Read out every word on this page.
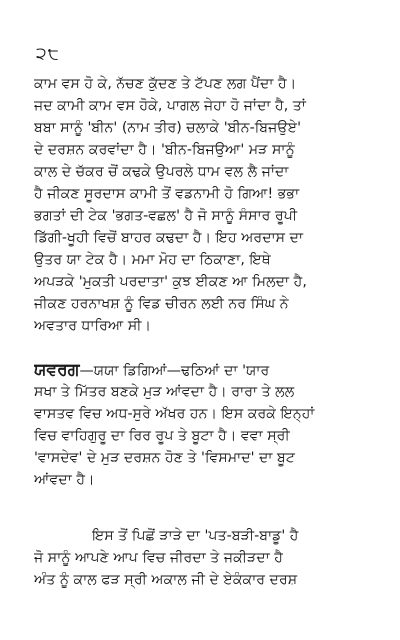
੨੮
ਕਾਮ ਵਸ ਹੋ ਕੇ, ਨੱਚਣ ਕੁੱਦਣ ਤੇ ਟੱਪਣ ਲਗ ਪੈਂਦਾ ਹੈ।
ਜਦ ਕਾਮੀ ਕਾਮ ਵਸ ਹੋਕੇ, ਪਾਗਲ ਜੇਹਾ ਹੋ ਜਾਂਦਾ ਹੈ, ਤਾਂ
ਬਬਾ ਸਾਨੂੰ 'ਬੀਨ' (ਨਾਮ ਤੀਰ) ਚਲਾਕੇ 'ਬੀਨ-ਬਿਜਉਏ'
ਦੇ ਦਰਸ਼ਨ ਕਰਵਾਂਦਾ ਹੈ। 'ਬੀਨ-ਬਿਜਉਆ' ਮੜ ਸਾਨੂੰ
ਕਾਲ ਦੇ ਚੱਕਰ ਚੋਂ ਕਢਕੇ ਉਪਰਲੇ ਧਾਮ ਵਲ ਲੈ ਜਾਂਦਾ
ਹੈ ਜੀਕਣ ਸੂਰਦਾਸ ਕਾਮੀ ਤੋਂ ਵਡਨਾਮੀ ਹੋ ਗਿਆ! ਭਭਾ
ਭਗਤਾਂ ਦੀ ਟੇਕ 'ਭਗਤ-ਵਛਲ' ਹੈ ਜੋ ਸਾਨੂੰ ਸੰਸਾਰ ਰੂਪੀ
ਡਿੱਗੀ-ਖੂਹੀ ਵਿਚੋਂ ਬਾਹਰ ਕਢਦਾ ਹੈ। ਇਹ ਅਰਦਾਸ ਦਾ
ਉਤਰ ਯਾ ਟੇਕ ਹੈ। ਮਮਾ ਮੋਹ ਦਾ ਠਿਕਾਣਾ, ਇਥੇ
ਅਪੜਕੇ 'ਮੁਕਤੀ ਪਰਦਾਤਾ' ਕੁਝ ਈਕਣ ਆ ਮਿਲਦਾ ਹੈ,
ਜੀਕਣ ਹਰਨਾਖਸ਼ ਨੂੰ ਵਿਡ ਚੀਰਨ ਲਈ ਨਰ ਸਿੰਘ ਨੇ
ਅਵਤਾਰ ਧਾਰਿਆ ਸੀ।
ਯਵਰਗ—ਯਯਾ ਡਿਗਿਆਂ—ਢਠਿਆਂ ਦਾ 'ਯਾਰ
ਸਖਾ ਤੇ ਮਿੱਤਰ ਬਣਕੇ ਮੁੜ ਆਂਵਦਾ ਹੈ। ਰਾਰਾ ਤੇ ਲਲ
ਵਾਸਤਵ ਵਿਚ ਅਧ-ਸੁਰੇ ਅੱਖਰ ਹਨ। ਇਸ ਕਰਕੇ ਇਨ੍ਹਾਂ
ਵਿਚ ਵਾਹਿਗੁਰੂ ਦਾ ਰਿਰ ਰੂਪ ਤੇ ਬੂਟਾ ਹੈ। ਵਵਾ ਸ੍ਰੀ
'ਵਾਸਦੇਵ' ਦੇ ਮੁੜ ਦਰਸ਼ਨ ਹੋਣ ਤੇ 'ਵਿਸਮਾਦ' ਦਾ ਬੂਟ
ਆਂਵਦਾ ਹੈ।
ਇਸ ਤੋਂ ਪਿਛੋਂ ੜਾੜੇ ਦਾ 'ਪਤ-ਬੜੀ-ਬਾਡੂ' ਹੈ
ਜੋ ਸਾਨੂੰ ਆਪਣੇ ਆਪ ਵਿਚ ਜੀਰਦਾ ਤੇ ਜਕੀੜਦਾ ਹੈ
ਅੰਤ ਨੂੰ ਕਾਲ ਫੜ ਸ੍ਰੀ ਅਕਾਲ ਜੀ ਦੇ ਏਕੰਕਾਰ ਦਰਸ਼
